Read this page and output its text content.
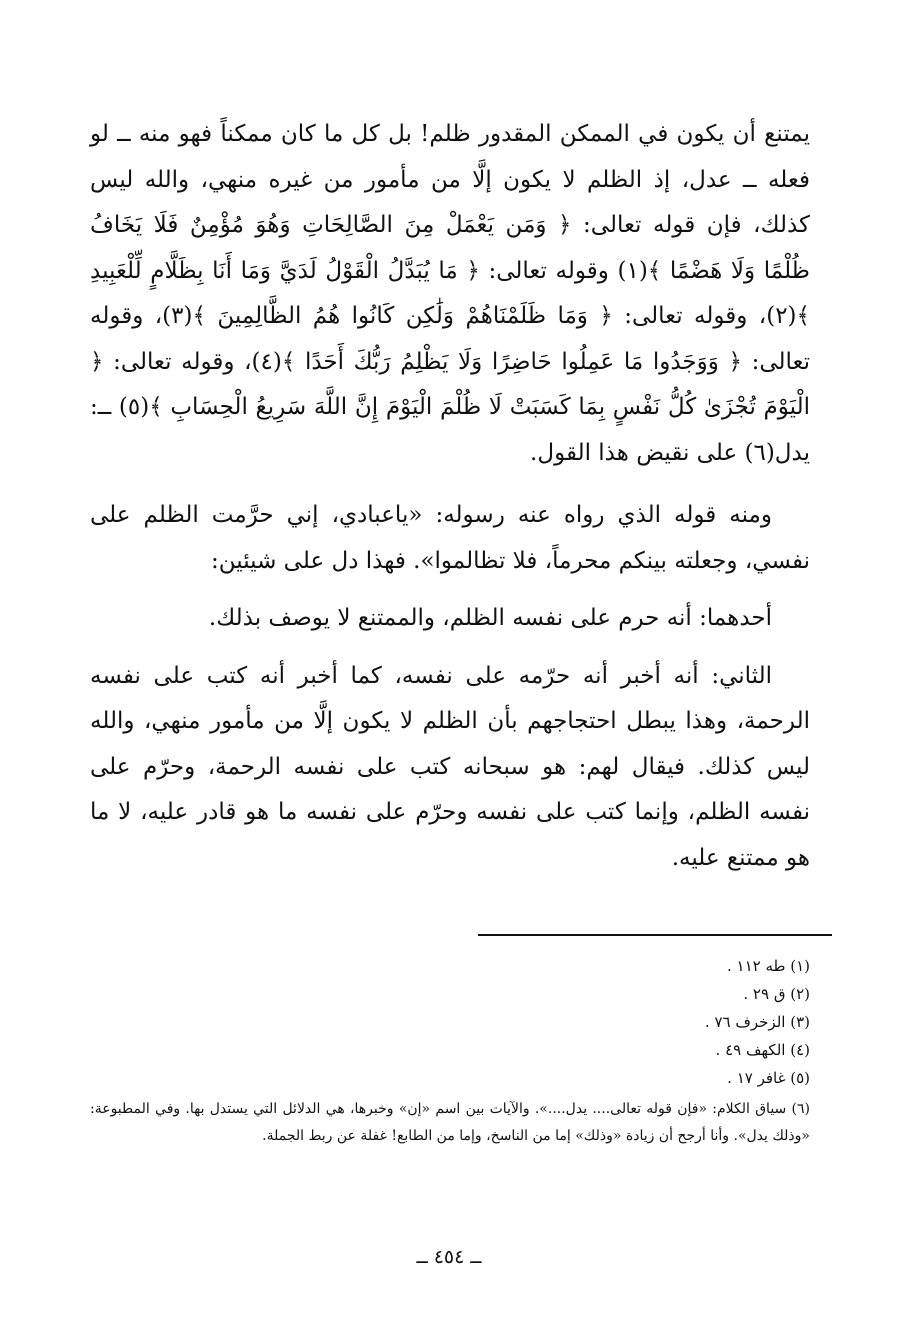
يمتنع أن يكون في الممكن المقدور ظلم! بل كل ما كان ممكناً فهو منه ــ لو فعله ــ عدل، إذ الظلم لا يكون إلَّا من مأمور من غيره منهي، والله ليس كذلك، فإن قوله تعالى: ﴿ وَمَن يَعْمَلْ مِنَ الصَّالِحَاتِ وَهُوَ مُؤْمِنٌ فَلَا يَخَافُ ظُلْمًا وَلَا هَضْمًا ﴾(١) وقوله تعالى: ﴿ مَا يُبَدَّلُ الْقَوْلُ لَدَيَّ وَمَا أَنَا بِظَلَّامٍ لِّلْعَبِيدِ ﴾(٢)، وقوله تعالى: ﴿ وَمَا ظَلَمْنَاهُمْ وَلَٰكِن كَانُوا هُمُ الظَّالِمِينَ ﴾(٣)، وقوله تعالى: ﴿ وَوَجَدُوا مَا عَمِلُوا حَاضِرًا وَلَا يَظْلِمُ رَبُّكَ أَحَدًا ﴾(٤)، وقوله تعالى: ﴿ الْيَوْمَ تُجْزَىٰ كُلُّ نَفْسٍ بِمَا كَسَبَتْ لَا ظُلْمَ الْيَوْمَ إِنَّ اللَّهَ سَرِيعُ الْحِسَابِ ﴾(٥) ــ: يدل(٦) على نقيض هذا القول.

ومنه قوله الذي رواه عنه رسوله: «ياعبادي، إني حرَّمت الظلم على نفسي، وجعلته بينكم محرماً، فلا تظالموا». فهذا دل على شيئين:

أحدهما: أنه حرم على نفسه الظلم، والممتنع لا يوصف بذلك.

الثاني: أنه أخبر أنه حرّمه على نفسه، كما أخبر أنه كتب على نفسه الرحمة، وهذا يبطل احتجاجهم بأن الظلم لا يكون إلَّا من مأمور منهي، والله ليس كذلك. فيقال لهم: هو سبحانه كتب على نفسه الرحمة، وحرّم على نفسه الظلم، وإنما كتب على نفسه وحرّم على نفسه ما هو قادر عليه، لا ما هو ممتنع عليه.

(١) طه ١١٢ .

(٢) ق ٢٩ .

(٣) الزخرف ٧٦ .

(٤) الكهف ٤٩ .

(٥) غافر ١٧ .

(٦) سياق الكلام: «فإن قوله تعالى.... يدل....». والآيات بين اسم «إن» وخبرها، هي الدلائل التي يستدل بها. وفي المطبوعة: «وذلك يدل». وأنا أرجح أن زيادة «وذلك» إما من الناسخ، وإما من الطابع! غفلة عن ربط الجملة.

ــ ٤٥٤ ــ
